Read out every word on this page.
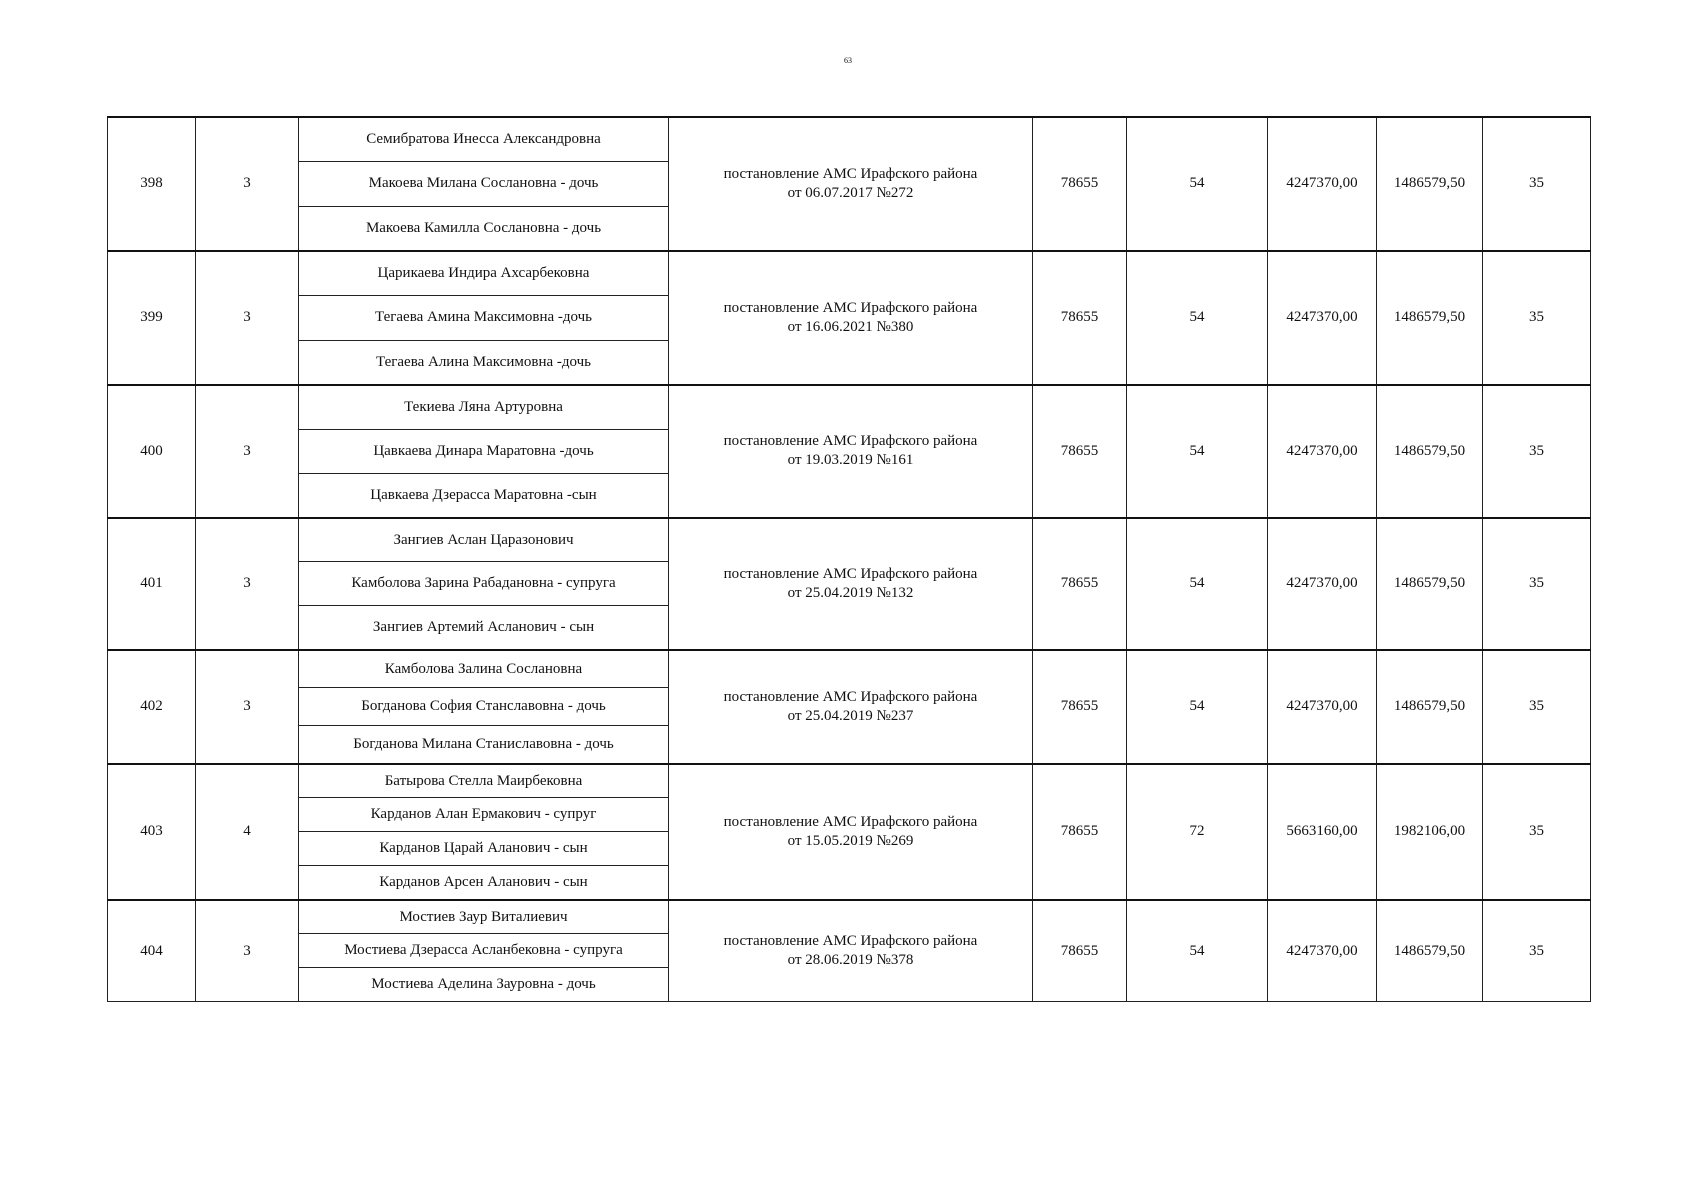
63
398	3	Семибратова Инесса Александровна	постановление АМС Ирафского района
от 06.07.2017 №272	78655	54	4247370,00	1486579,50	35
		Макоева Милана Сослановна - дочь						
		Макоева Камилла Сослановна - дочь						
399	3	Царикаева Индира Ахсарбековна	постановление АМС Ирафского района
от 16.06.2021 №380	78655	54	4247370,00	1486579,50	35
		Тегаева Амина Максимовна -дочь						
		Тегаева Алина Максимовна -дочь						
400	3	Текиева Ляна Артуровна	постановление АМС Ирафского района
от 19.03.2019 №161	78655	54	4247370,00	1486579,50	35
		Цавкаева Динара Маратовна -дочь						
		Цавкаева Дзерасса Маратовна -сын						
401	3	Зангиев Аслан Царазонович	постановление АМС Ирафского района
от 25.04.2019 №132	78655	54	4247370,00	1486579,50	35
		Камболова Зарина Рабадановна - супруга						
		Зангиев Артемий Асланович - сын						
402	3	Камболова Залина Сослановна	постановление АМС Ирафского района
от 25.04.2019 №237	78655	54	4247370,00	1486579,50	35
		Богданова София Станславовна - дочь						
		Богданова Милана Станиславовна - дочь						
403	4	Батырова Стелла Маирбековна	постановление АМС Ирафского района
от 15.05.2019 №269	78655	72	5663160,00	1982106,00	35
		Карданов Алан Ермакович - супруг						
		Карданов Царай Аланович - сын						
		Карданов Арсен Аланович - сын						
404	3	Мостиев Заур Виталиевич	постановление АМС Ирафского района
от 28.06.2019 №378	78655	54	4247370,00	1486579,50	35
		Мостиева Дзерасса Асланбековна - супруга						
		Мостиева Аделина Зауровна - дочь						
